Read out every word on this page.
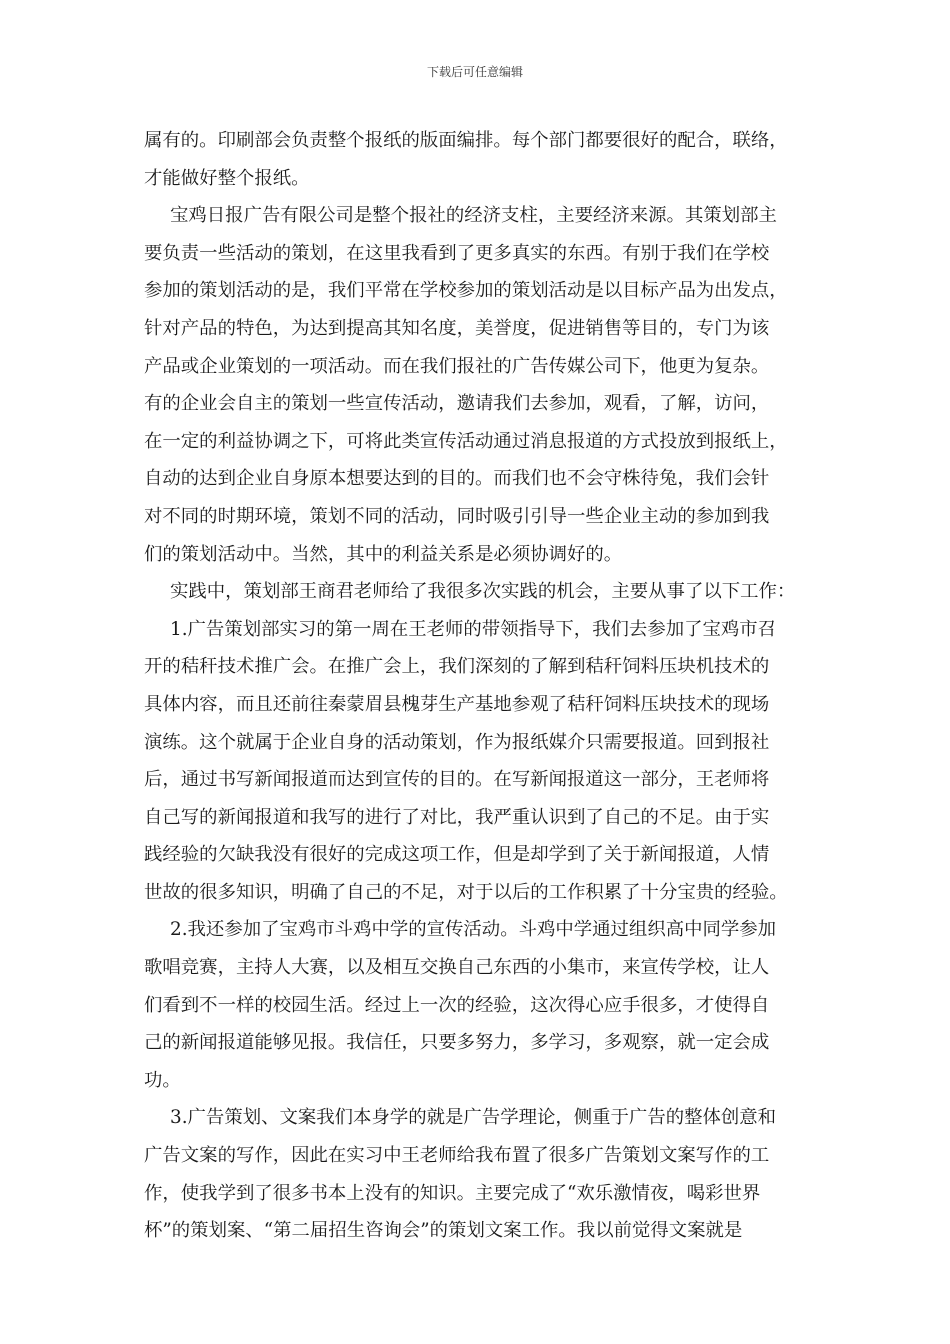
下载后可任意编辑
属有的。印刷部会负责整个报纸的版面编排。每个部门都要很好的配合，联络，
才能做好整个报纸。
宝鸡日报广告有限公司是整个报社的经济支柱，主要经济来源。其策划部主
要负责一些活动的策划，在这里我看到了更多真实的东西。有别于我们在学校
参加的策划活动的是，我们平常在学校参加的策划活动是以目标产品为出发点，
针对产品的特色，为达到提高其知名度，美誉度，促进销售等目的，专门为该
产品或企业策划的一项活动。而在我们报社的广告传媒公司下，他更为复杂。
有的企业会自主的策划一些宣传活动，邀请我们去参加，观看，了解，访问，
在一定的利益协调之下，可将此类宣传活动通过消息报道的方式投放到报纸上，
自动的达到企业自身原本想要达到的目的。而我们也不会守株待兔，我们会针
对不同的时期环境，策划不同的活动，同时吸引引导一些企业主动的参加到我
们的策划活动中。当然，其中的利益关系是必须协调好的。
实践中，策划部王商君老师给了我很多次实践的机会，主要从事了以下工作：
1.广告策划部实习的第一周在王老师的带领指导下，我们去参加了宝鸡市召
开的秸秆技术推广会。在推广会上，我们深刻的了解到秸秆饲料压块机技术的
具体内容，而且还前往秦蒙眉县槐芽生产基地参观了秸秆饲料压块技术的现场
演练。这个就属于企业自身的活动策划，作为报纸媒介只需要报道。回到报社
后，通过书写新闻报道而达到宣传的目的。在写新闻报道这一部分，王老师将
自己写的新闻报道和我写的进行了对比，我严重认识到了自己的不足。由于实
践经验的欠缺我没有很好的完成这项工作，但是却学到了关于新闻报道，人情
世故的很多知识，明确了自己的不足，对于以后的工作积累了十分宝贵的经验。
2.我还参加了宝鸡市斗鸡中学的宣传活动。斗鸡中学通过组织高中同学参加
歌唱竞赛，主持人大赛，以及相互交换自己东西的小集市，来宣传学校，让人
们看到不一样的校园生活。经过上一次的经验，这次得心应手很多，才使得自
己的新闻报道能够见报。我信任，只要多努力，多学习，多观察，就一定会成
功。
3.广告策划、文案我们本身学的就是广告学理论，侧重于广告的整体创意和
广告文案的写作，因此在实习中王老师给我布置了很多广告策划文案写作的工
作，使我学到了很多书本上没有的知识。主要完成了“欢乐激情夜，喝彩世界
杯”的策划案、“第二届招生咨询会”的策划文案工作。我以前觉得文案就是
